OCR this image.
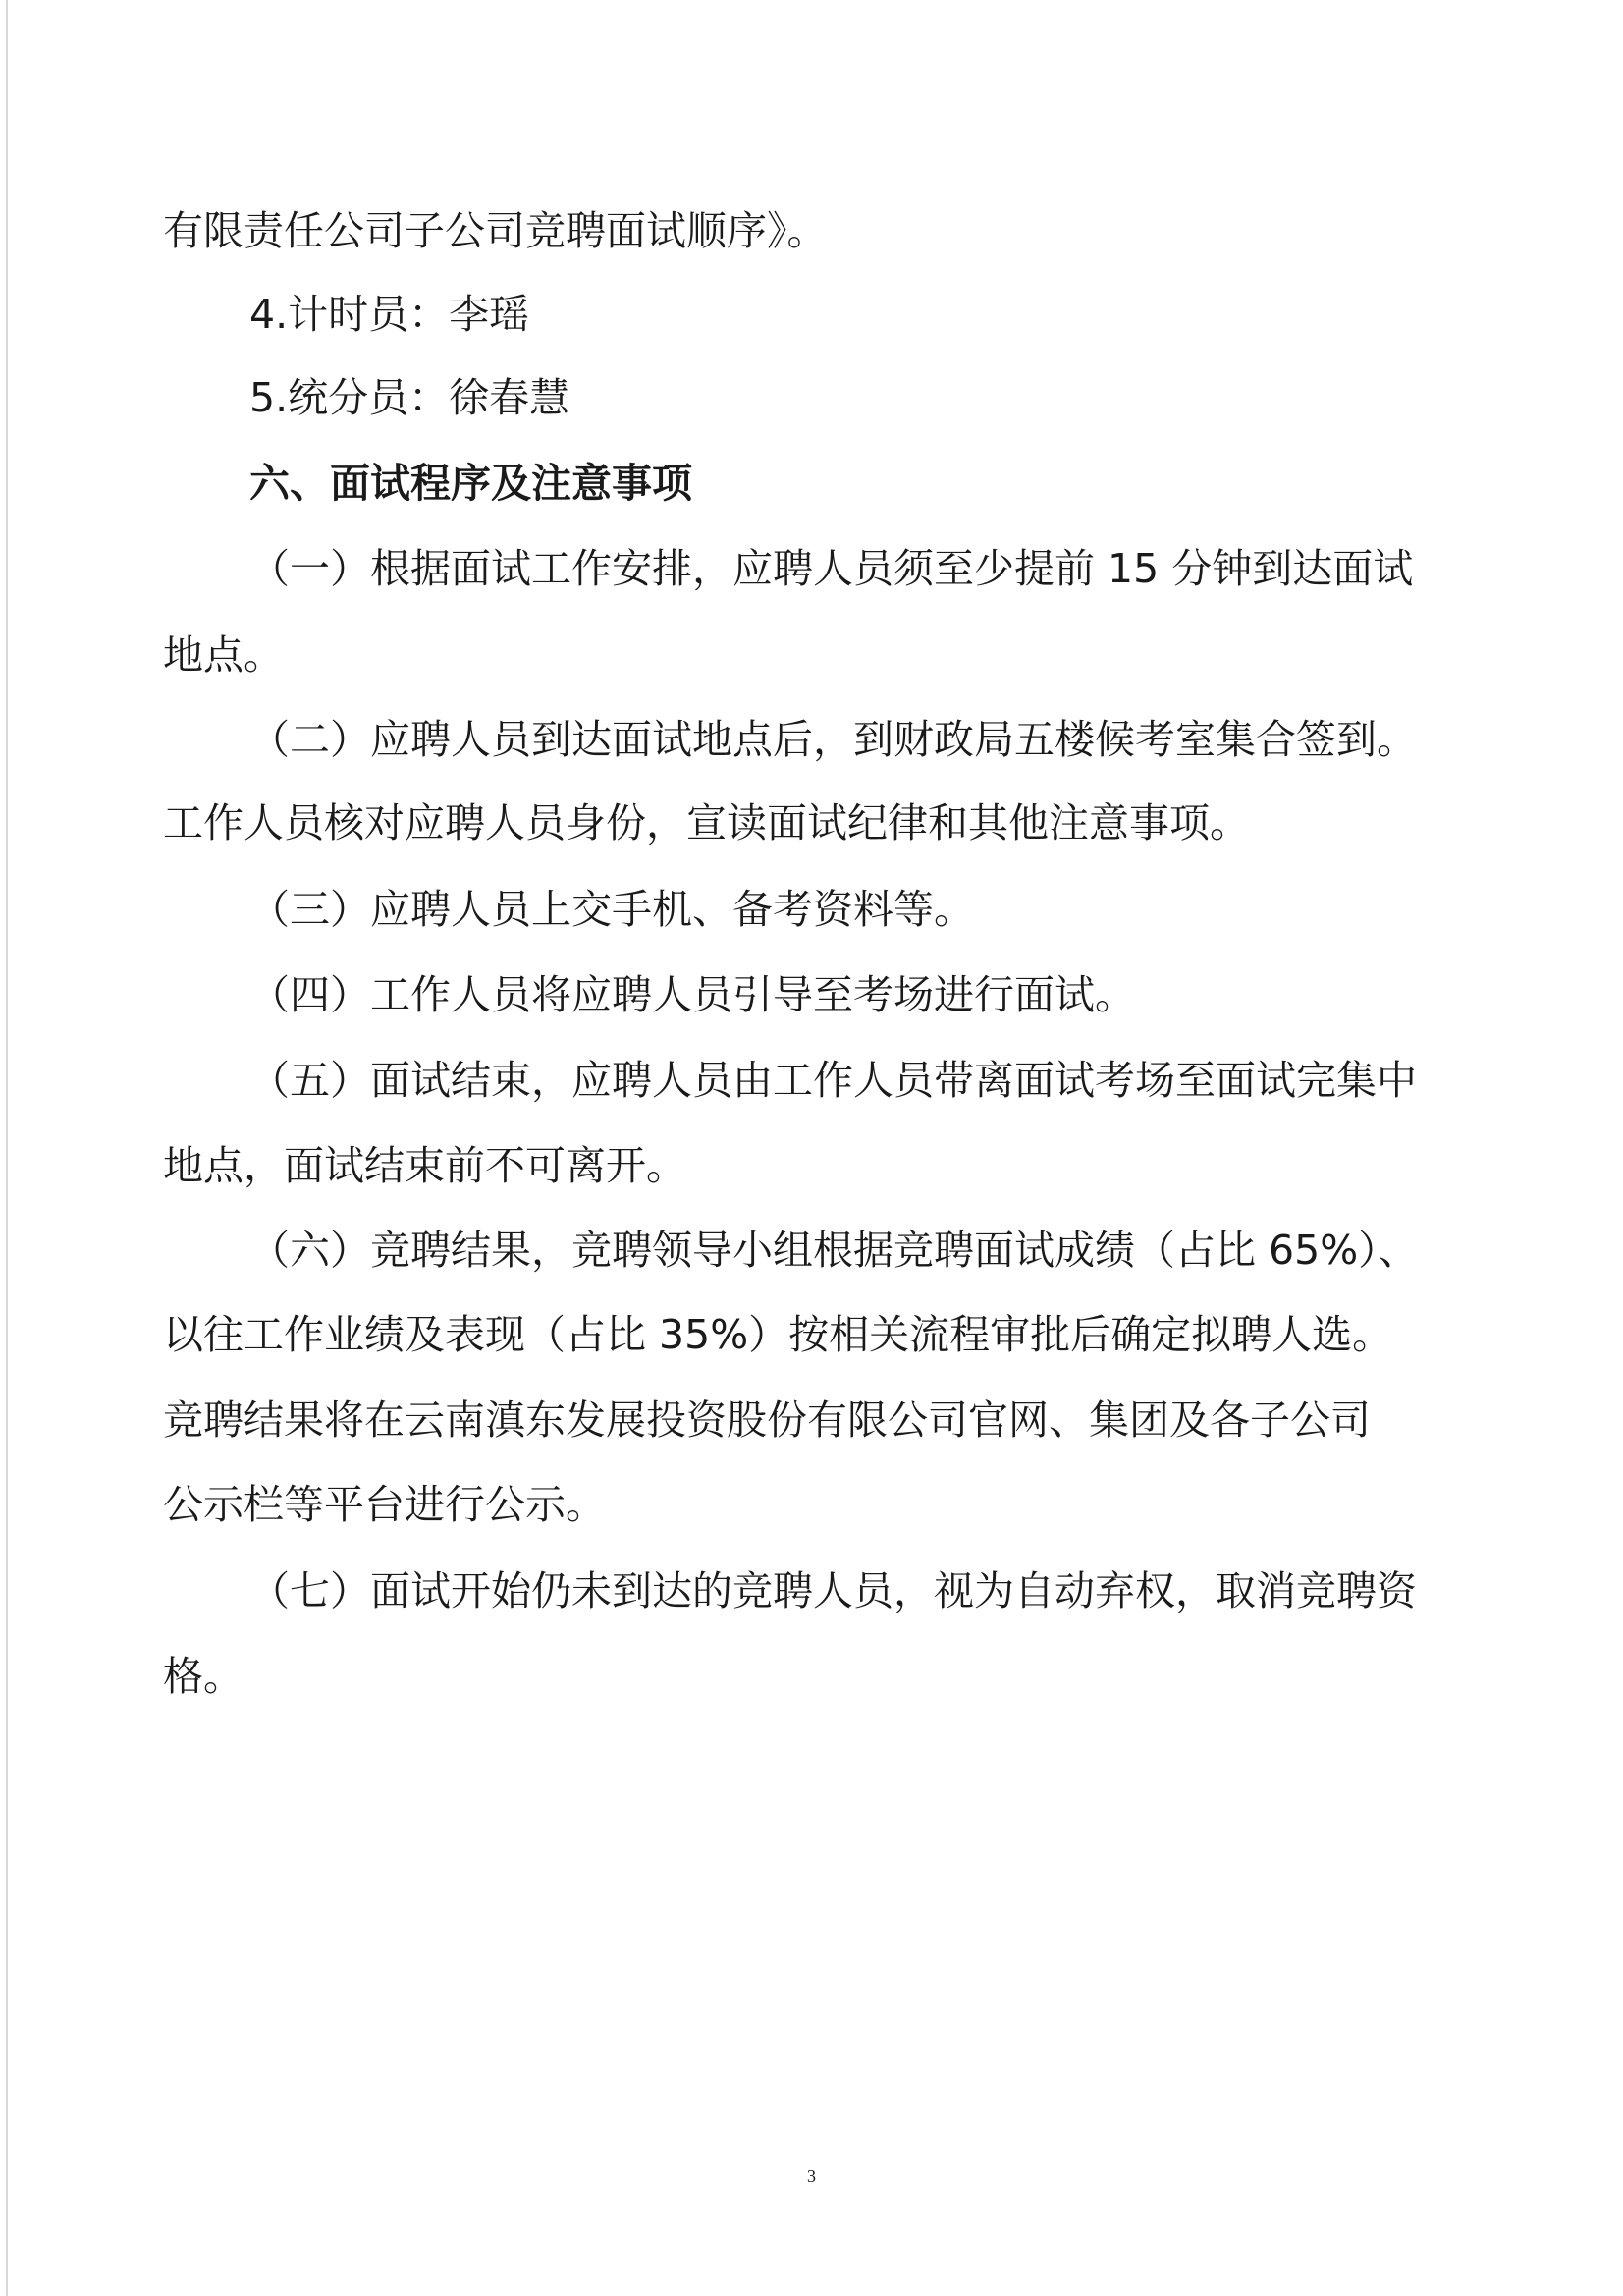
有限责任公司子公司竞聘面试顺序》。
4.计时员：李瑶
5.统分员：徐春慧
六、面试程序及注意事项
（一）根据面试工作安排，应聘人员须至少提前 15 分钟到达面试
地点。
（二）应聘人员到达面试地点后，到财政局五楼候考室集合签到。
工作人员核对应聘人员身份，宣读面试纪律和其他注意事项。
（三）应聘人员上交手机、备考资料等。
（四）工作人员将应聘人员引导至考场进行面试。
（五）面试结束，应聘人员由工作人员带离面试考场至面试完集中
地点，面试结束前不可离开。
（六）竞聘结果，竞聘领导小组根据竞聘面试成绩（占比 65%）、
以往工作业绩及表现（占比 35%）按相关流程审批后确定拟聘人选。
竞聘结果将在云南滇东发展投资股份有限公司官网、集团及各子公司
公示栏等平台进行公示。
（七）面试开始仍未到达的竞聘人员，视为自动弃权，取消竞聘资
格。
3
